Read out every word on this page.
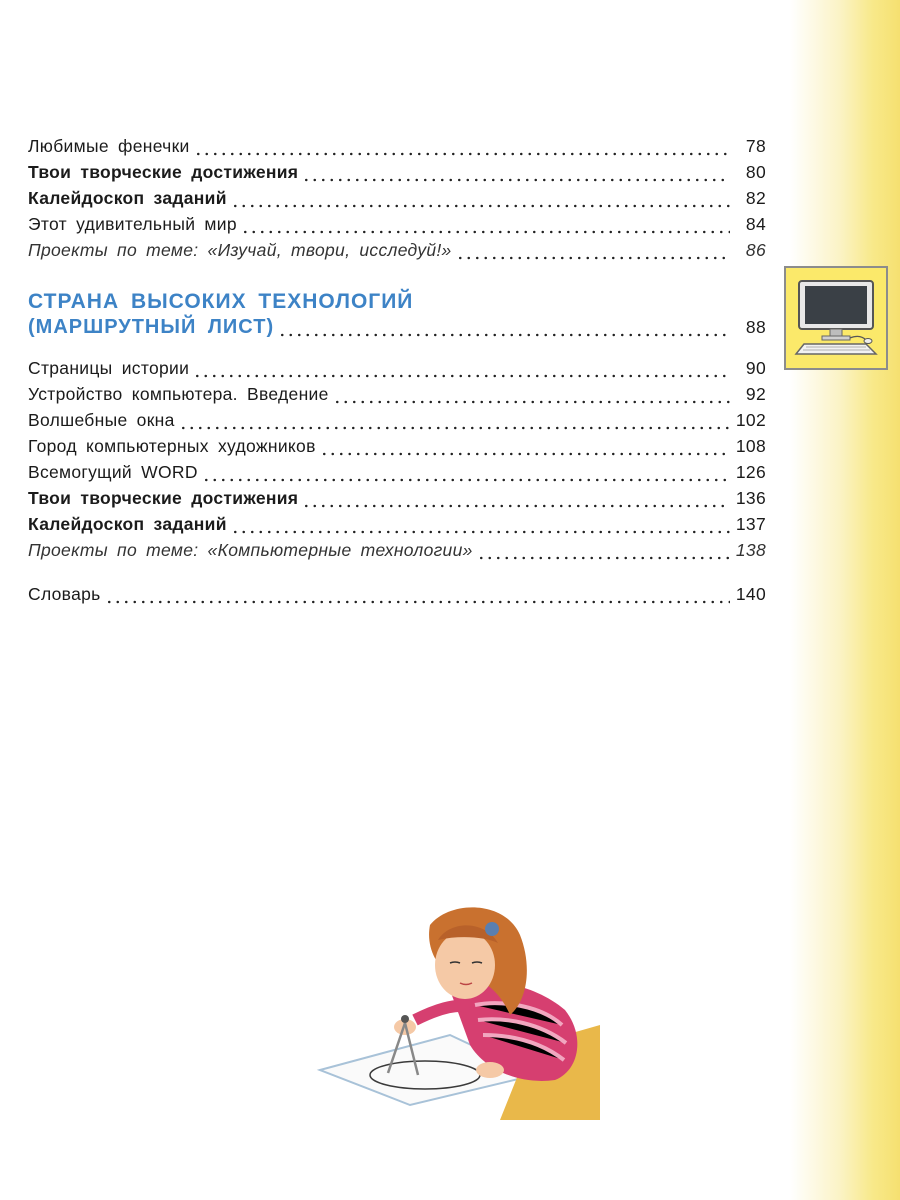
Любимые фенечки	78
Твои творческие достижения	80
Калейдоскоп заданий	82
Этот удивительный мир	84
Проекты по теме: «Изучай, твори, исследуй!»	86
СТРАНА ВЫСОКИХ ТЕХНОЛОГИЙ
(МАРШРУТНЫЙ ЛИСТ)	88
Страницы истории	90
Устройство компьютера. Введение	92
Волшебные окна	102
Город компьютерных художников	108
Всемогущий WORD	126
Твои творческие достижения	136
Калейдоскоп заданий	137
Проекты по теме: «Компьютерные технологии»	138
Словарь	140
